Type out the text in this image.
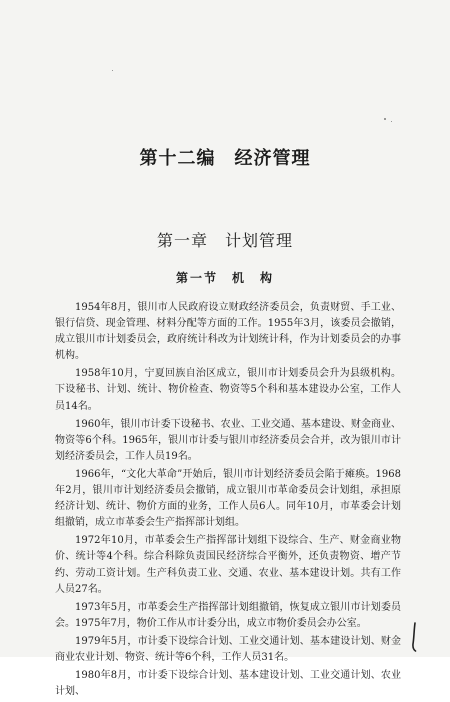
第十二编　经济管理
第一章　计划管理
第一节　机　构

1954年8月，银川市人民政府设立财政经济委员会，负责财贸、手工业、银行信贷、现金管理、材料分配等方面的工作。1955年3月，该委员会撤销，成立银川市计划委员会，政府统计科改为计划统计科，作为计划委员会的办事机构。

1958年10月，宁夏回族自治区成立，银川市计划委员会升为县级机构。下设秘书、计划、统计、物价检查、物资等5个科和基本建设办公室，工作人员14名。

1960年，银川市计委下设秘书、农业、工业交通、基本建设、财金商业、物资等6个科。1965年，银川市计委与银川市经济委员会合并，改为银川市计划经济委员会，工作人员19名。

1966年，“文化大革命”开始后，银川市计划经济委员会陷于瘫痪。1968年2月，银川市计划经济委员会撤销，成立银川市革命委员会计划组，承担原经济计划、统计、物价方面的业务，工作人员6人。同年10月，市革委会计划组撤销，成立市革委会生产指挥部计划组。

1972年10月，市革委会生产指挥部计划组下设综合、生产、财金商业物价、统计等4个科。综合科除负责国民经济综合平衡外，还负责物资、增产节约、劳动工资计划。生产科负责工业、交通、农业、基本建设计划。共有工作人员27名。

1973年5月，市革委会生产指挥部计划组撤销，恢复成立银川市计划委员会。1975年7月，物价工作从市计委分出，成立市物价委员会办公室。

1979年5月，市计委下设综合计划、工业交通计划、基本建设计划、财金商业农业计划、物资、统计等6个科，工作人员31名。

1980年8月，市计委下设综合计划、基本建设计划、工业交通计划、农业计划、
